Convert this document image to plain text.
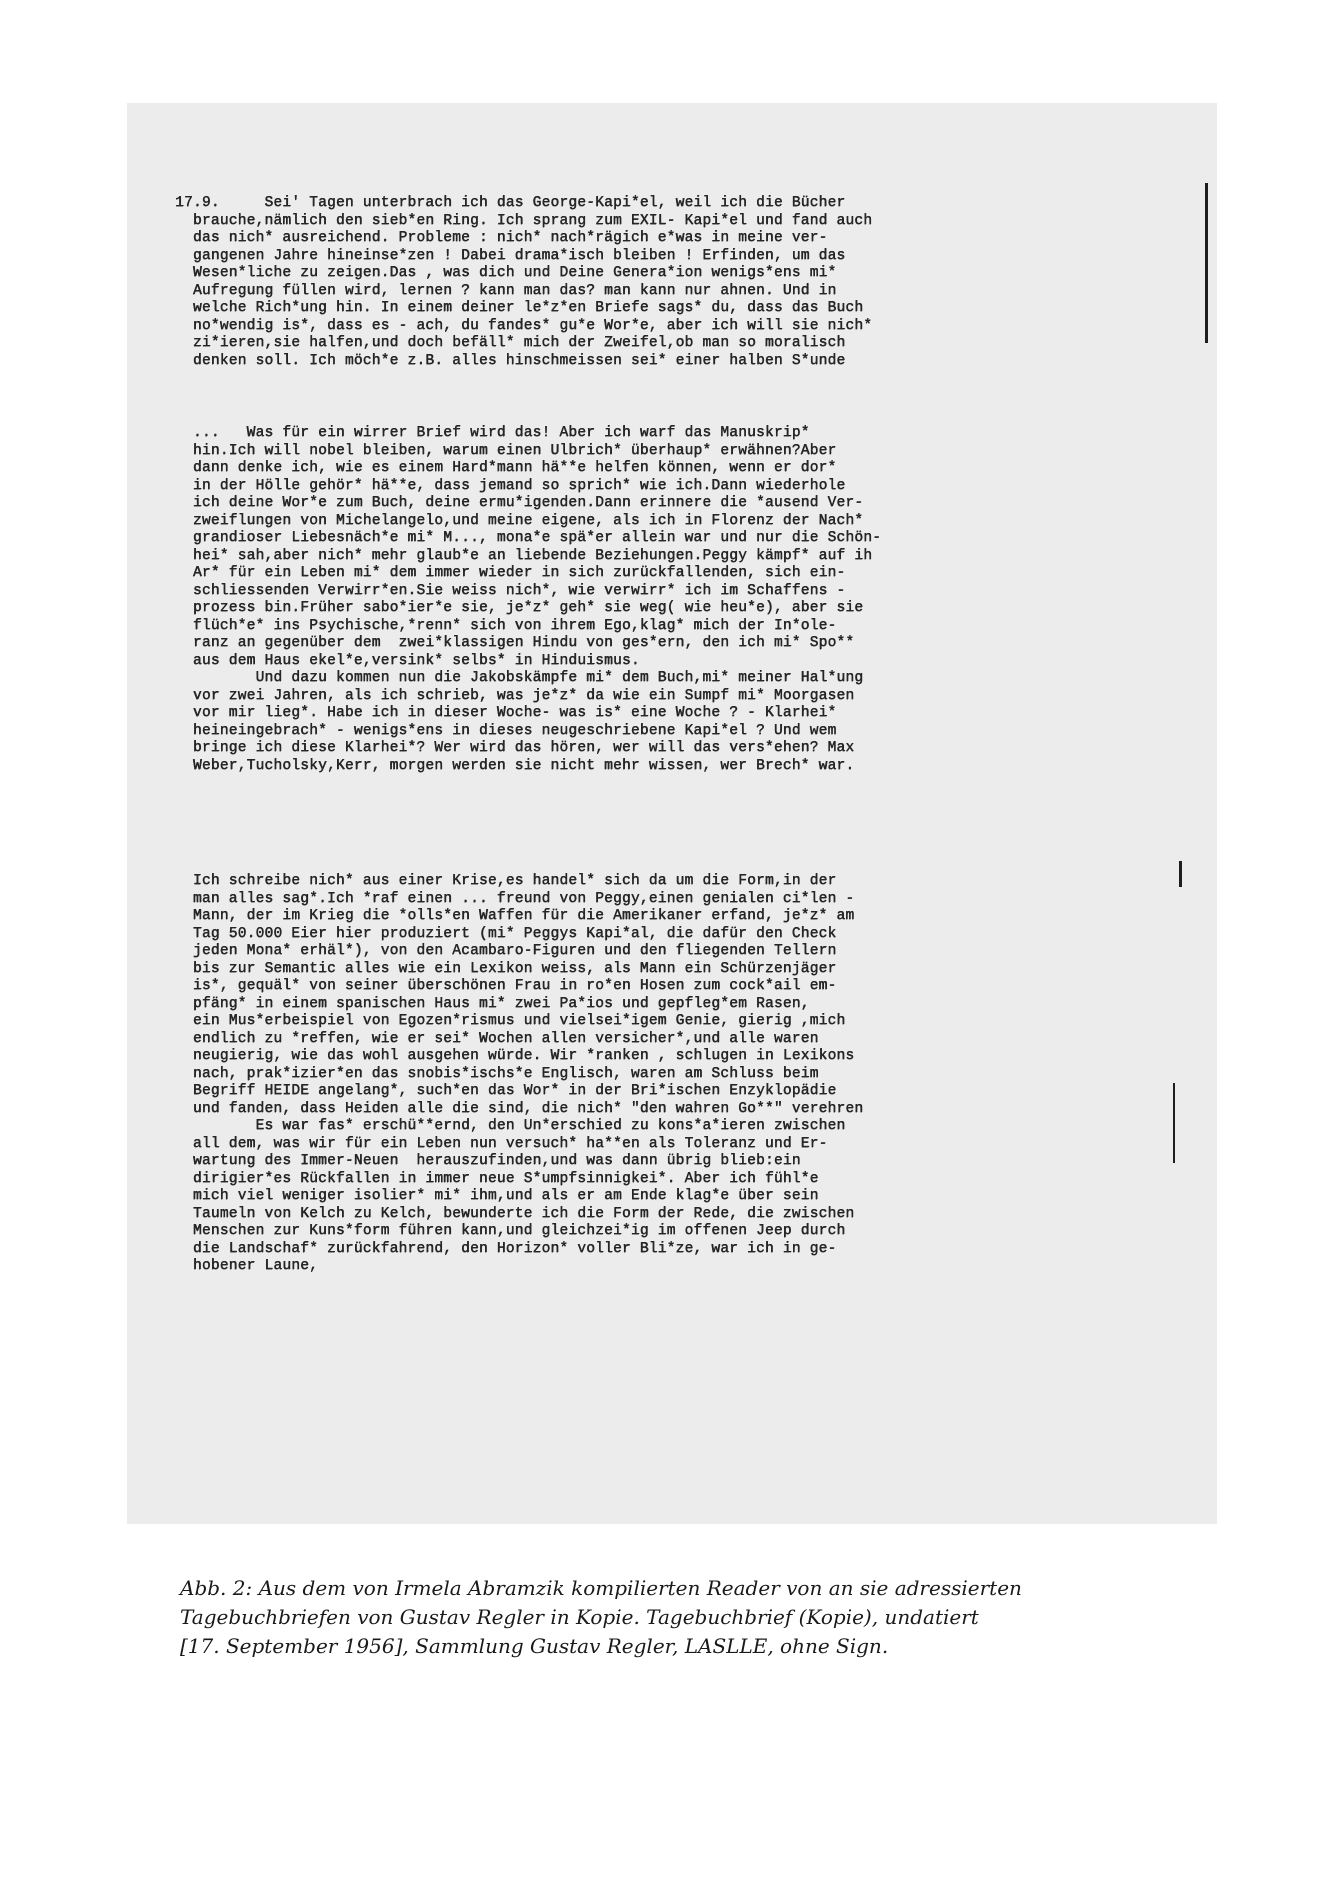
17.9.     Sei' Tagen unterbrach ich das George-Kapi*el, weil ich die Bücher
brauche,nämlich den sieb*en Ring. Ich sprang zum EXIL- Kapi*el und fand auch
das nich* ausreichend. Probleme : nich* nach*rägich e*was in meine ver-
gangenen Jahre hineinse*zen ! Dabei drama*isch bleiben ! Erfinden, um das
Wesen*liche zu zeigen.Das , was dich und Deine Genera*ion wenigs*ens mi*
Aufregung füllen wird, lernen ? kann man das? man kann nur ahnen. Und in
welche Rich*ung hin. In einem deiner le*z*en Briefe sags* du, dass das Buch
no*wendig is*, dass es - ach, du fandes* gu*e Wor*e, aber ich will sie nich*
zi*ieren,sie halfen,und doch befäll* mich der Zweifel,ob man so moralisch
denken soll. Ich möch*e z.B. alles hinschmeissen sei* einer halben S*unde
...   Was für ein wirrer Brief wird das! Aber ich warf das Manuskrip*
hin.Ich will nobel bleiben, warum einen Ulbrich* überhaup* erwähnen?Aber
dann denke ich, wie es einem Hard*mann hä**e helfen können, wenn er dor*
in der Hölle gehör* hä**e, dass jemand so sprich* wie ich.Dann wiederhole
ich deine Wor*e zum Buch, deine ermu*igenden.Dann erinnere die *ausend Ver-
zweiflungen von Michelangelo,und meine eigene, als ich in Florenz der Nach*
grandioser Liebesnäch*e mi* M..., mona*e spä*er allein war und nur die Schön-
hei* sah,aber nich* mehr glaub*e an liebende Beziehungen.Peggy kämpf* auf ih
Ar* für ein Leben mi* dem immer wieder in sich zurückfallenden, sich ein-
schliessenden Verwirr*en.Sie weiss nich*, wie verwirr* ich im Schaffens -
prozess bin.Früher sabo*ier*e sie, je*z* geh* sie weg( wie heu*e), aber sie
flüch*e* ins Psychische,*renn* sich von ihrem Ego,klag* mich der In*ole-
ranz an gegenüber dem  zwei*klassigen Hindu von ges*ern, den ich mi* Spo**
aus dem Haus ekel*e,versink* selbs* in Hinduismus.
Und dazu kommen nun die Jakobskämpfe mi* dem Buch,mi* meiner Hal*ung
vor zwei Jahren, als ich schrieb, was je*z* da wie ein Sumpf mi* Moorgasen
vor mir lieg*. Habe ich in dieser Woche- was is* eine Woche ? - Klarhei*
heineingebrach* - wenigs*ens in dieses neugeschriebene Kapi*el ? Und wem
bringe ich diese Klarhei*? Wer wird das hören, wer will das vers*ehen? Max
Weber,Tucholsky,Kerr, morgen werden sie nicht mehr wissen, wer Brech* war.
Ich schreibe nich* aus einer Krise,es handel* sich da um die Form,in der
man alles sag*.Ich *raf einen ... freund von Peggy,einen genialen ci*len -
Mann, der im Krieg die *olls*en Waffen für die Amerikaner erfand, je*z* am
Tag 50.000 Eier hier produziert (mi* Peggys Kapi*al, die dafür den Check
jeden Mona* erhäl*), von den Acambaro-Figuren und den fliegenden Tellern
bis zur Semantic alles wie ein Lexikon weiss, als Mann ein Schürzenjäger
is*, gequäl* von seiner überschönen Frau in ro*en Hosen zum cock*ail em-
pfäng* in einem spanischen Haus mi* zwei Pa*ios und gepfleg*em Rasen,
ein Mus*erbeispiel von Egozen*rismus und vielsei*igem Genie, gierig ,mich
endlich zu *reffen, wie er sei* Wochen allen versicher*,und alle waren
neugierig, wie das wohl ausgehen würde. Wir *ranken , schlugen in Lexikons
nach, prak*izier*en das snobis*ischs*e Englisch, waren am Schluss beim
Begriff HEIDE angelang*, such*en das Wor* in der Bri*ischen Enzyklopädie
und fanden, dass Heiden alle die sind, die nich* "den wahren Go**" verehren
Es war fas* erschü**ernd, den Un*erschied zu kons*a*ieren zwischen
all dem, was wir für ein Leben nun versuch* ha**en als Toleranz und Er-
wartung des Immer-Neuen  herauszufinden,und was dann übrig blieb:ein
dirigier*es Rückfallen in immer neue S*umpfsinnigkei*. Aber ich fühl*e
mich viel weniger isolier* mi* ihm,und als er am Ende klag*e über sein
Taumeln von Kelch zu Kelch, bewunderte ich die Form der Rede, die zwischen
Menschen zur Kuns*form führen kann,und gleichzei*ig im offenen Jeep durch
die Landschaf* zurückfahrend, den Horizon* voller Bli*ze, war ich in ge-
hobener Laune,
Abb. 2: Aus dem von Irmela Abramzik kompilierten Reader von an sie adressierten
Tagebuchbriefen von Gustav Regler in Kopie. Tagebuchbrief (Kopie), undatiert
[17. September 1956], Sammlung Gustav Regler, LASLLE, ohne Sign.
